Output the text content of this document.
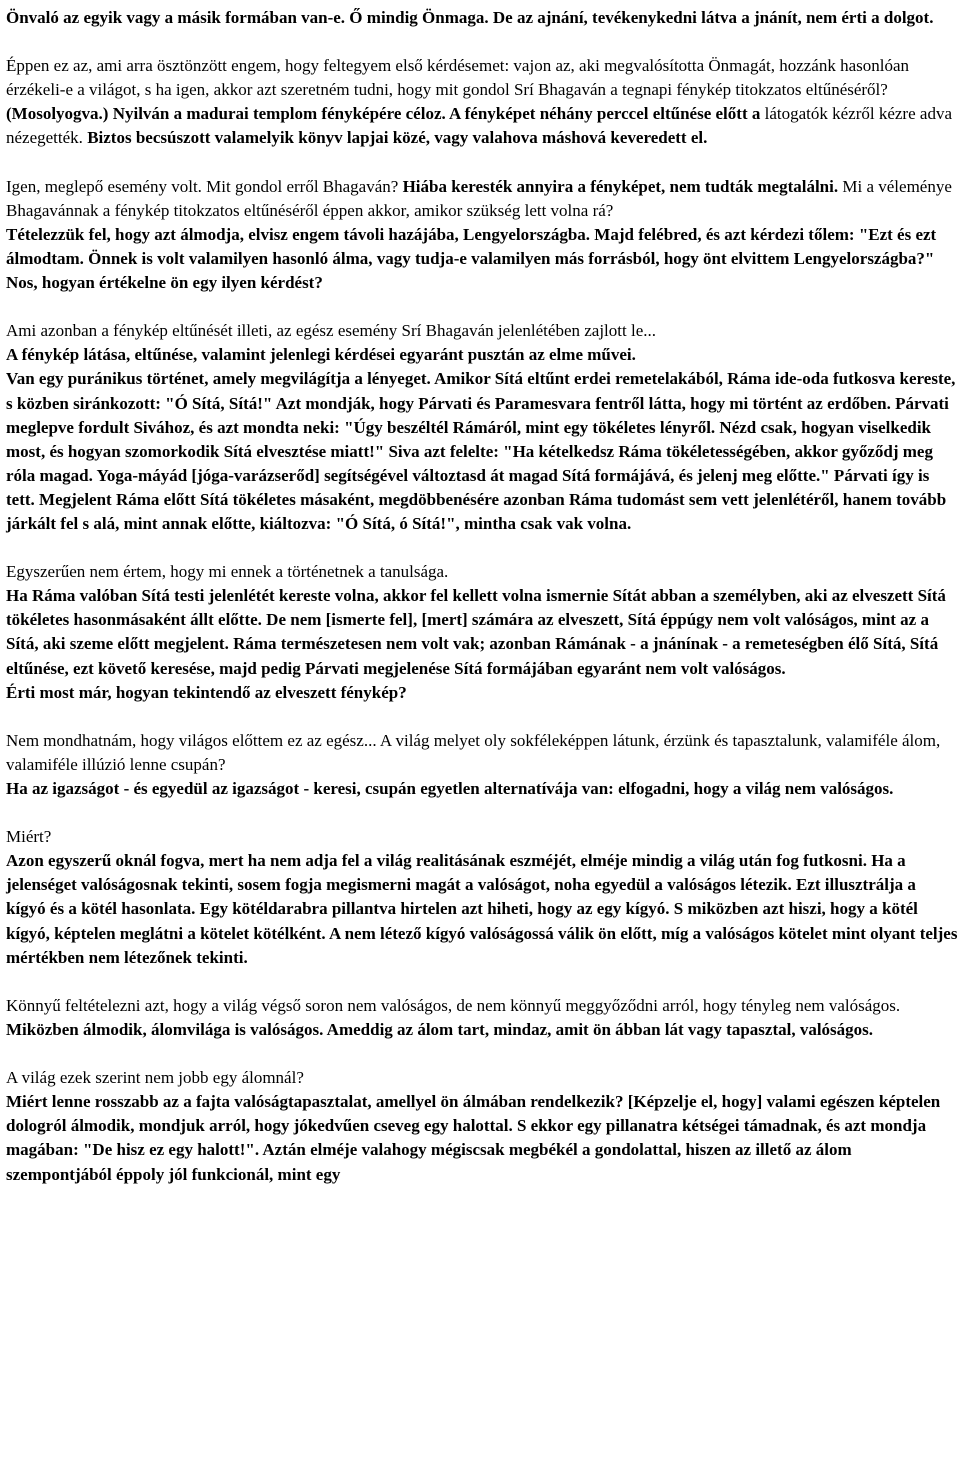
Önvaló az egyik vagy a másik formában van-e. Ő mindig Önmaga. De az ajnání, tevékenykedni látva a jnánít, nem érti a dolgot.

Éppen ez az, ami arra ösztönzött engem, hogy feltegyem első kérdésemet: vajon az, aki megvalósította Önmagát, hozzánk hasonlóan érzékeli-e a világot, s ha igen, akkor azt szeretném tudni, hogy mit gondol Srí Bhagaván a tegnapi fénykép titokzatos eltűnéséről? (Mosolyogva.) Nyilván a madurai templom fényképére céloz. A fényképet néhány perccel eltűnése előtt a látogatók kézről kézre adva nézegették. Biztos becsúszott valamelyik könyv lapjai közé, vagy valahova máshová keveredett el.

Igen, meglepő esemény volt. Mit gondol erről Bhagaván? Hiába keresték annyira a fényképet, nem tudták megtalálni. Mi a véleménye Bhagavánnak a fénykép titokzatos eltűnéséről éppen akkor, amikor szükség lett volna rá?

Tételezzük fel, hogy azt álmodja, elvisz engem távoli hazájába, Lengyelországba. Majd felébred, és azt kérdezi tőlem: "Ezt és ezt álmodtam. Önnek is volt valamilyen hasonló álma, vagy tudja-e valamilyen más forrásból, hogy önt elvittem Lengyelországba?" Nos, hogyan értékelne ön egy ilyen kérdést?

Ami azonban a fénykép eltűnését illeti, az egész esemény Srí Bhagaván jelenlétében zajlott le...

A fénykép látása, eltűnése, valamint jelenlegi kérdései egyaránt pusztán az elme művei.

Van egy puránikus történet, amely megvilágítja a lényeget. Amikor Sítá eltűnt erdei remetelakából, Ráma ide-oda futkosva kereste, s közben siránkozott: "Ó Sítá, Sítá!" Azt mondják, hogy Párvati és Paramesvara fentről látta, hogy mi történt az erdőben. Párvati meglepve fordult Sivához, és azt mondta neki: "Úgy beszéltél Rámáról, mint egy tökéletes lényről. Nézd csak, hogyan viselkedik most, és hogyan szomorkodik Sítá elvesztése miatt!" Siva azt felelte: "Ha kételkedsz Ráma tökéletességében, akkor győződj meg róla magad. Yoga-máyád [jóga-varázserőd] segítségével változtasd át magad Sítá formájává, és jelenj meg előtte." Párvati így is tett. Megjelent Ráma előtt Sítá tökéletes másaként, megdöbbenésére azonban Ráma tudomást sem vett jelenlétéről, hanem tovább járkált fel s alá, mint annak előtte, kiáltozva: "Ó Sítá, ó Sítá!", mintha csak vak volna.

Egyszerűen nem értem, hogy mi ennek a történetnek a tanulsága.

Ha Ráma valóban Sítá testi jelenlétét kereste volna, akkor fel kellett volna ismernie Sítát abban a személyben, aki az elveszett Sítá tökéletes hasonmásaként állt előtte. De nem [ismerte fel], [mert] számára az elveszett, Sítá éppúgy nem volt valóságos, mint az a Sítá, aki szeme előtt megjelent. Ráma természetesen nem volt vak; azonban Rámának - a jnánínak - a remeteségben élő Sítá, Sítá eltűnése, ezt követő keresése, majd pedig Párvati megjelenése Sítá formájában egyaránt nem volt valóságos.

Érti most már, hogyan tekintendő az elveszett fénykép?

Nem mondhatnám, hogy világos előttem ez az egész... A világ melyet oly sokféleképpen látunk, érzünk és tapasztalunk, valamiféle álom, valamiféle illúzió lenne csupán?

Ha az igazságot - és egyedül az igazságot - keresi, csupán egyetlen alternatívája van: elfogadni, hogy a világ nem valóságos.

Miért?

Azon egyszerű oknál fogva, mert ha nem adja fel a világ realitásának eszméjét, elméje mindig a világ után fog futkosni. Ha a jelenséget valóságosnak tekinti, sosem fogja megismerni magát a valóságot, noha egyedül a valóságos létezik. Ezt illusztrálja a kígyó és a kötél hasonlata. Egy kötéldarabra pillantva hirtelen azt hiheti, hogy az egy kígyó. S miközben azt hiszi, hogy a kötél kígyó, képtelen meglátni a kötelet kötélként. A nem létező kígyó valóságossá válik ön előtt, míg a valóságos kötelet mint olyant teljes mértékben nem létezőnek tekinti.

Könnyű feltételezni azt, hogy a világ végső soron nem valóságos, de nem könnyű meggyőződni arról, hogy tényleg nem valóságos.

Miközben álmodik, álomvilága is valóságos. Ameddig az álom tart, mindaz, amit ön ábban lát vagy tapasztal, valóságos.

A világ ezek szerint nem jobb egy álomnál?

Miért lenne rosszabb az a fajta valóságtapasztalat, amellyel ön álmában rendelkezik? [Képzelje el, hogy] valami egészen képtelen dologról álmodik, mondjuk arról, hogy jókedvűen cseveg egy halottal. S ekkor egy pillanatra kétségei támadnak, és azt mondja magában: "De hisz ez egy halott!". Aztán elméje valahogy mégiscsak megbékél a gondolattal, hiszen az illető az álom szempontjából éppoly jól funkcionál, mint egy
